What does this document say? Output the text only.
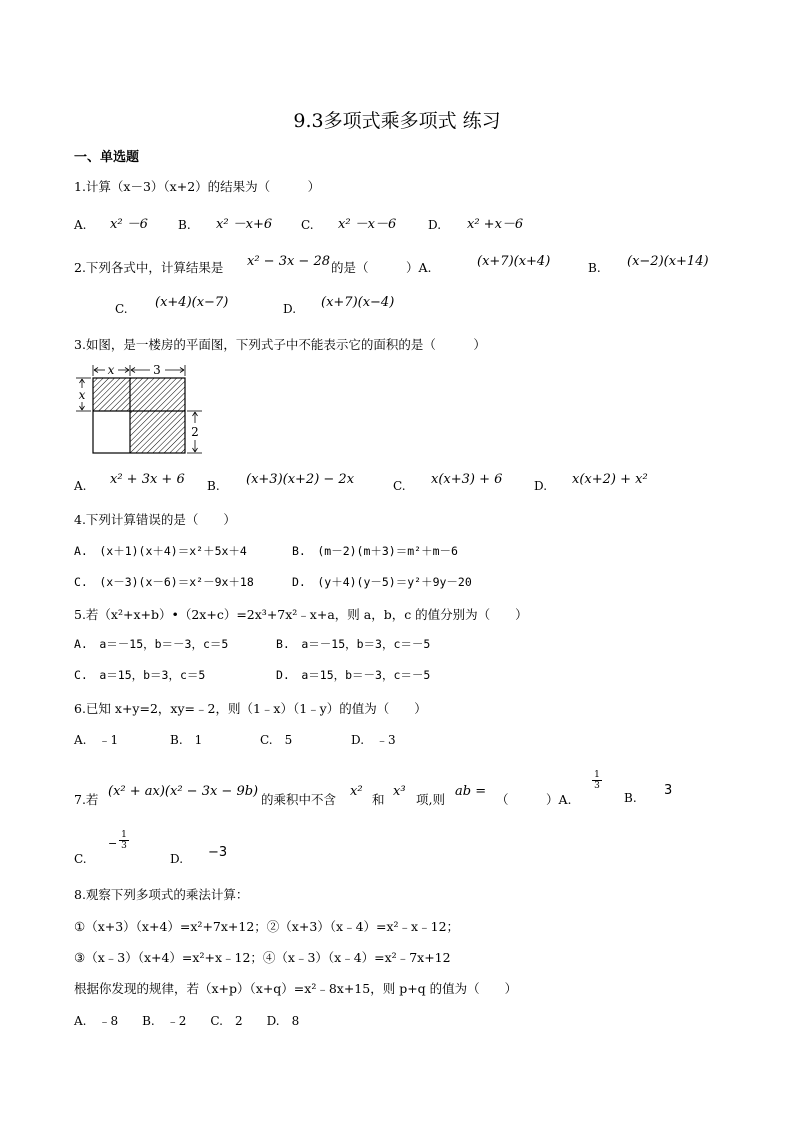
9.3多项式乘多项式 练习
一、单选题
1.计算（x－3）（x+2）的结果为（　　　）
A. x² －6	B. x² －x+6 C. x² －x－6	D. x² +x－6
2.下列各式中，计算结果是 x² − 3x − 28 的是（　　　）A.	(x+7)(x+4)	B. (x−2)(x+14)
C. (x+4)(x−7)	D. (x+7)(x−4)
3.如图，是一楼房的平面图，下列式子中不能表示它的面积的是（　　　）
x	3
x
2
A. x² + 3x + 6 B. (x+3)(x+2) − 2x	C. x(x+3) + 6	D. x(x+2) + x²
4.下列计算错误的是（　　）
A.　(x＋1)(x＋4)＝x²＋5x＋4	B.　(m－2)(m＋3)＝m²＋m－6
C.　(x－3)(x－6)＝x²－9x＋18	D.　(y＋4)(y－5)＝y²＋9y－20
5.若（x²+x+b）•（2x+c）=2x³+7x²﹣x+a，则 a，b，c 的值分别为（　　）
A.　a＝－15，b＝－3，c＝5	B.　a＝－15，b＝3，c＝－5
C.　a＝15，b＝3，c＝5	D.　a＝15，b＝－3，c＝－5
6.已知 x+y=2，xy=﹣2，则（1﹣x）（1﹣y）的值为（　　）
A.　﹣1	B.　1	C.　5	D.　﹣3
7.若
(x² + ax)(x² − 3x − 9b)
的乘积中不含
x²
和
x³
项,则
ab =
（　　　）A.
$\frac{1}{3}$
B. 3
C.
− $\frac{1}{3}$
D. −3
8.观察下列多项式的乘法计算：
①（x+3）（x+4）=x²+7x+12；②（x+3）（x﹣4）=x²﹣x﹣12；
③（x﹣3）（x+4）=x²+x﹣12；④（x﹣3）（x﹣4）=x²﹣7x+12
根据你发现的规律，若（x+p）（x+q）=x²﹣8x+15，则 p+q 的值为（　　）
A.　﹣8　　B.　﹣2　　C.　2　　D.　8
